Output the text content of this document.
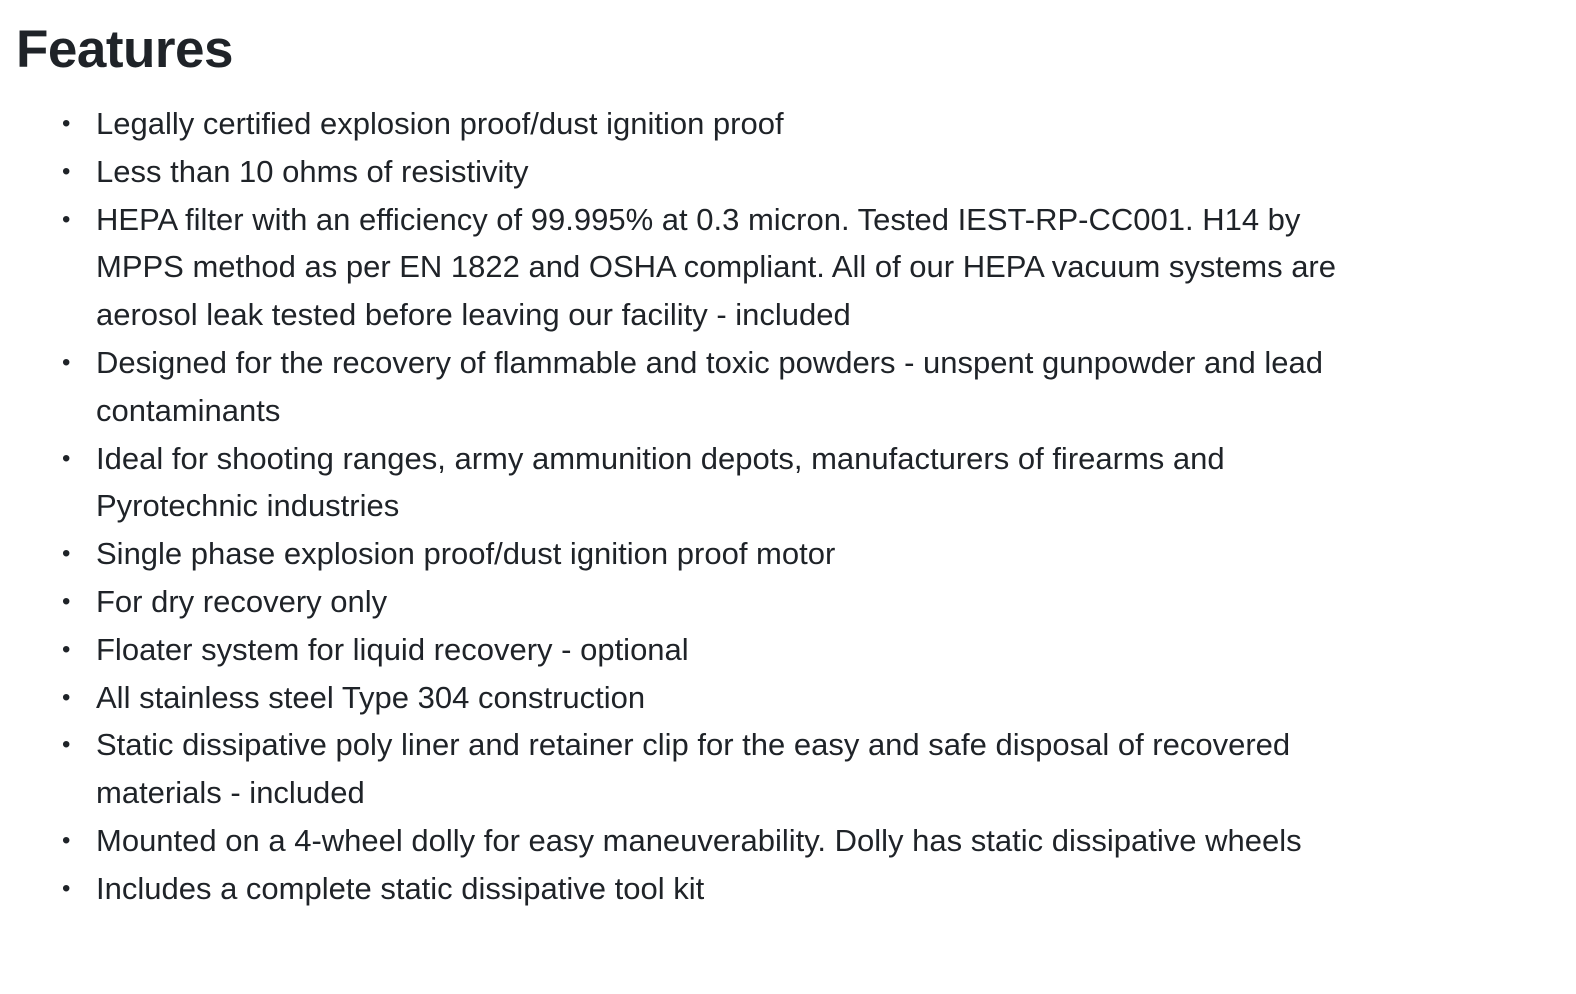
Features
• Legally certified explosion proof/dust ignition proof
• Less than 10 ohms of resistivity
• HEPA filter with an efficiency of 99.995% at 0.3 micron. Tested IEST-RP-CC001. H14 by MPPS method as per EN 1822 and OSHA compliant. All of our HEPA vacuum systems are aerosol leak tested before leaving our facility - included
• Designed for the recovery of flammable and toxic powders - unspent gunpowder and lead contaminants
• Ideal for shooting ranges, army ammunition depots, manufacturers of firearms and Pyrotechnic industries
• Single phase explosion proof/dust ignition proof motor
• For dry recovery only
• Floater system for liquid recovery - optional
• All stainless steel Type 304 construction
• Static dissipative poly liner and retainer clip for the easy and safe disposal of recovered materials - included
• Mounted on a 4-wheel dolly for easy maneuverability. Dolly has static dissipative wheels
• Includes a complete static dissipative tool kit
